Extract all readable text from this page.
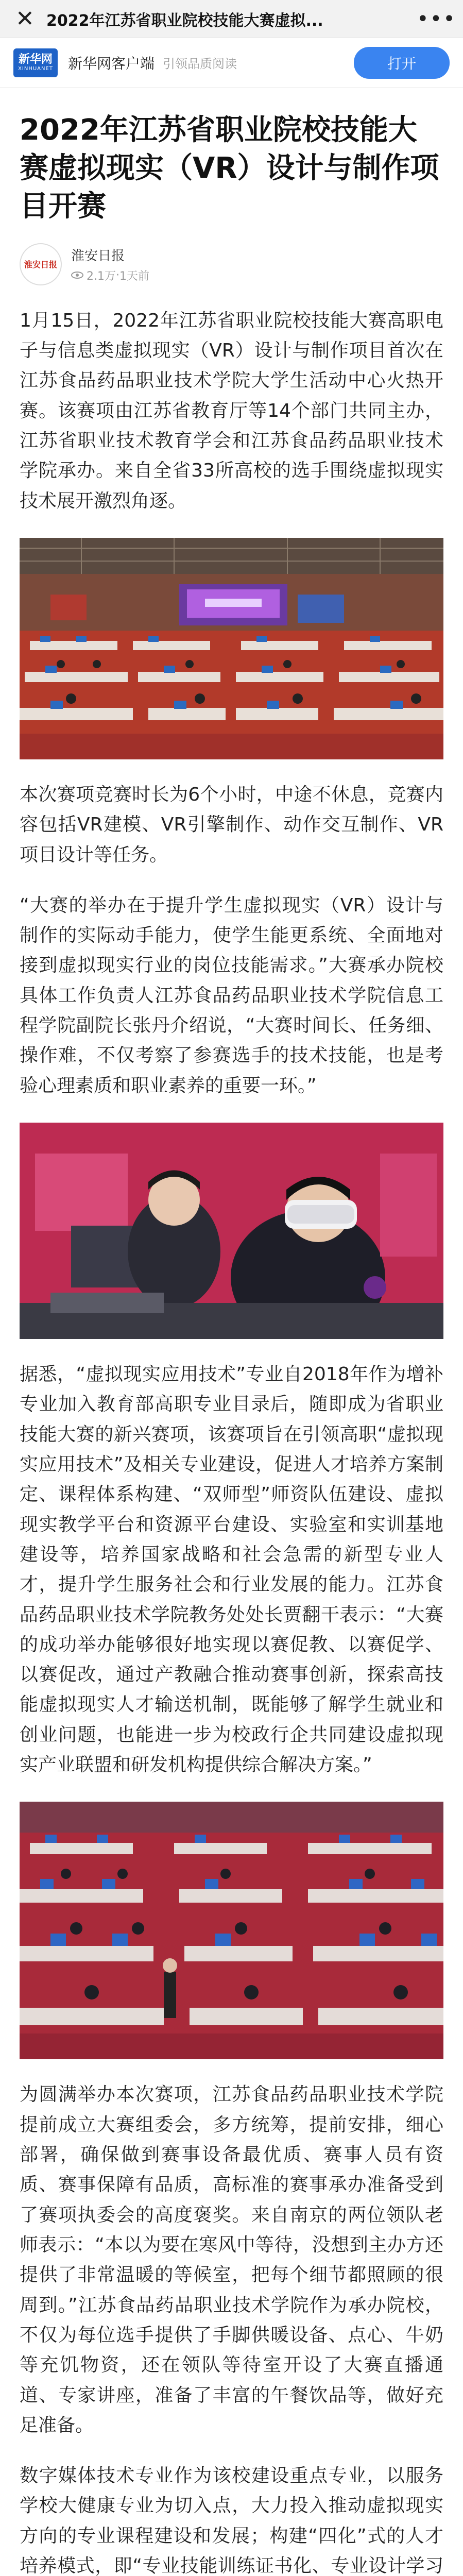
✕ 2022年江苏省职业院校技能大赛虚拟...	•••
新华网
XINHUANET 新华网客户端 引领品质阅读	打开
2022年江苏省职业院校技能大赛虚拟现实（VR）设计与制作项目开赛
淮安日报
淮安日报
2.1万 · 1天前

1月15日，2022年江苏省职业院校技能大赛高职电子与信息类虚拟现实（VR）设计与制作项目首次在江苏食品药品职业技术学院大学生活动中心火热开赛。该赛项由江苏省教育厅等14个部门共同主办，江苏省职业技术教育学会和江苏食品药品职业技术学院承办。来自全省33所高校的选手围绕虚拟现实技术展开激烈角逐。

本次赛项竞赛时长为6个小时，中途不休息，竞赛内容包括VR建模、VR引擎制作、动作交互制作、VR项目设计等任务。

“大赛的举办在于提升学生虚拟现实（VR）设计与制作的实际动手能力，使学生能更系统、全面地对接到虚拟现实行业的岗位技能需求。”大赛承办院校具体工作负责人江苏食品药品职业技术学院信息工程学院副院长张丹介绍说，“大赛时间长、任务细、操作难，不仅考察了参赛选手的技术技能，也是考验心理素质和职业素养的重要一环。”

据悉，“虚拟现实应用技术”专业自2018年作为增补专业加入教育部高职专业目录后，随即成为省职业技能大赛的新兴赛项，该赛项旨在引领高职“虚拟现实应用技术”及相关专业建设，促进人才培养方案制定、课程体系构建、“双师型”师资队伍建设、虚拟现实教学平台和资源平台建设、实验室和实训基地建设等，培养国家战略和社会急需的新型专业人才，提升学生服务社会和行业发展的能力。江苏食品药品职业技术学院教务处处长贾翻干表示：“大赛的成功举办能够很好地实现以赛促教、以赛促学、以赛促改，通过产教融合推动赛事创新，探索高技能虚拟现实人才输送机制，既能够了解学生就业和创业问题，也能进一步为校政行企共同建设虚拟现实产业联盟和研发机构提供综合解决方案。”

为圆满举办本次赛项，江苏食品药品职业技术学院提前成立大赛组委会，多方统筹，提前安排，细心部署，确保做到赛事设备最优质、赛事人员有资质、赛事保障有品质，高标准的赛事承办准备受到了赛项执委会的高度褒奖。来自南京的两位领队老师表示：“本以为要在寒风中等待，没想到主办方还提供了非常温暖的等候室，把每个细节都照顾的很周到。”江苏食品药品职业技术学院作为承办院校，不仅为每位选手提供了手脚供暖设备、点心、牛奶等充饥物资，还在领队等待室开设了大赛直播通道、专家讲座，准备了丰富的午餐饮品等，做好充足准备。

数字媒体技术专业作为该校建设重点专业，以服务学校大健康专业为切入点，大力投入推动虚拟现实方向的专业课程建设和发展；构建“四化”式的人才培养模式，即“专业技能训练证书化、专业设计学习
